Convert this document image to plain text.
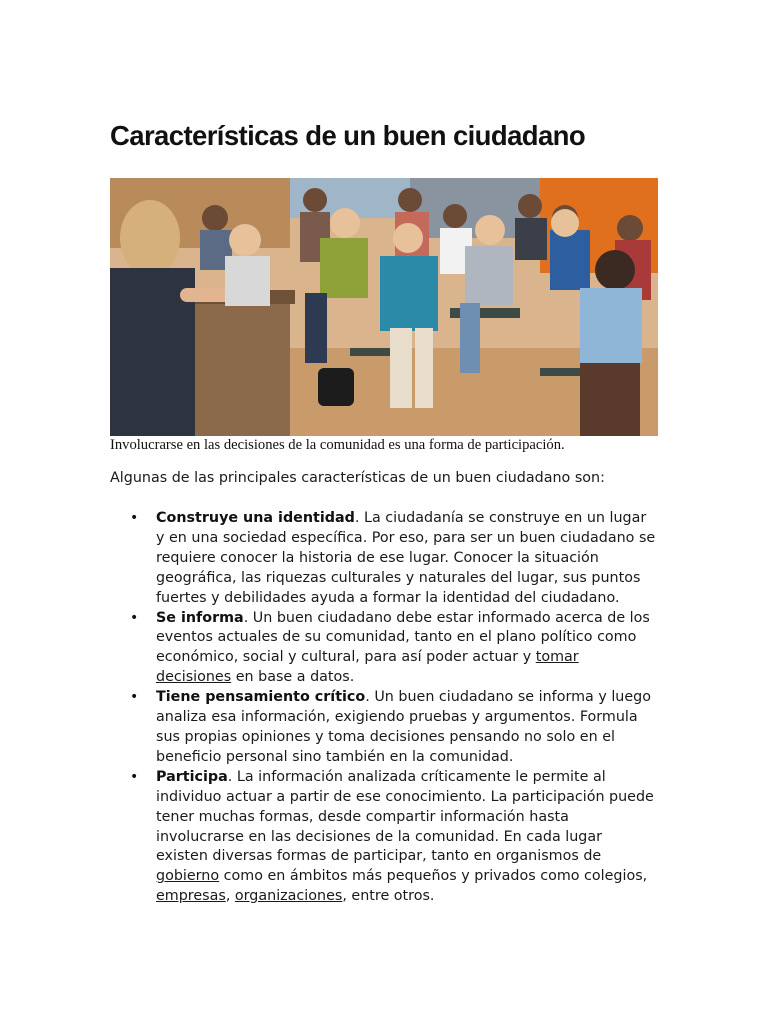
Características de un buen ciudadano

Involucrarse en las decisiones de la comunidad es una forma de participación.

Algunas de las principales características de un buen ciudadano son:

• Construye una identidad. La ciudadanía se construye en un lugar y en una sociedad específica. Por eso, para ser un buen ciudadano se requiere conocer la historia de ese lugar. Conocer la situación geográfica, las riquezas culturales y naturales del lugar, sus puntos fuertes y debilidades ayuda a formar la identidad del ciudadano.
• Se informa. Un buen ciudadano debe estar informado acerca de los eventos actuales de su comunidad, tanto en el plano político como económico, social y cultural, para así poder actuar y tomar decisiones en base a datos.
• Tiene pensamiento crítico. Un buen ciudadano se informa y luego analiza esa información, exigiendo pruebas y argumentos. Formula sus propias opiniones y toma decisiones pensando no solo en el beneficio personal sino también en la comunidad.
• Participa. La información analizada críticamente le permite al individuo actuar a partir de ese conocimiento. La participación puede tener muchas formas, desde compartir información hasta involucrarse en las decisiones de la comunidad. En cada lugar existen diversas formas de participar, tanto en organismos de gobierno como en ámbitos más pequeños y privados como colegios, empresas, organizaciones, entre otros.
